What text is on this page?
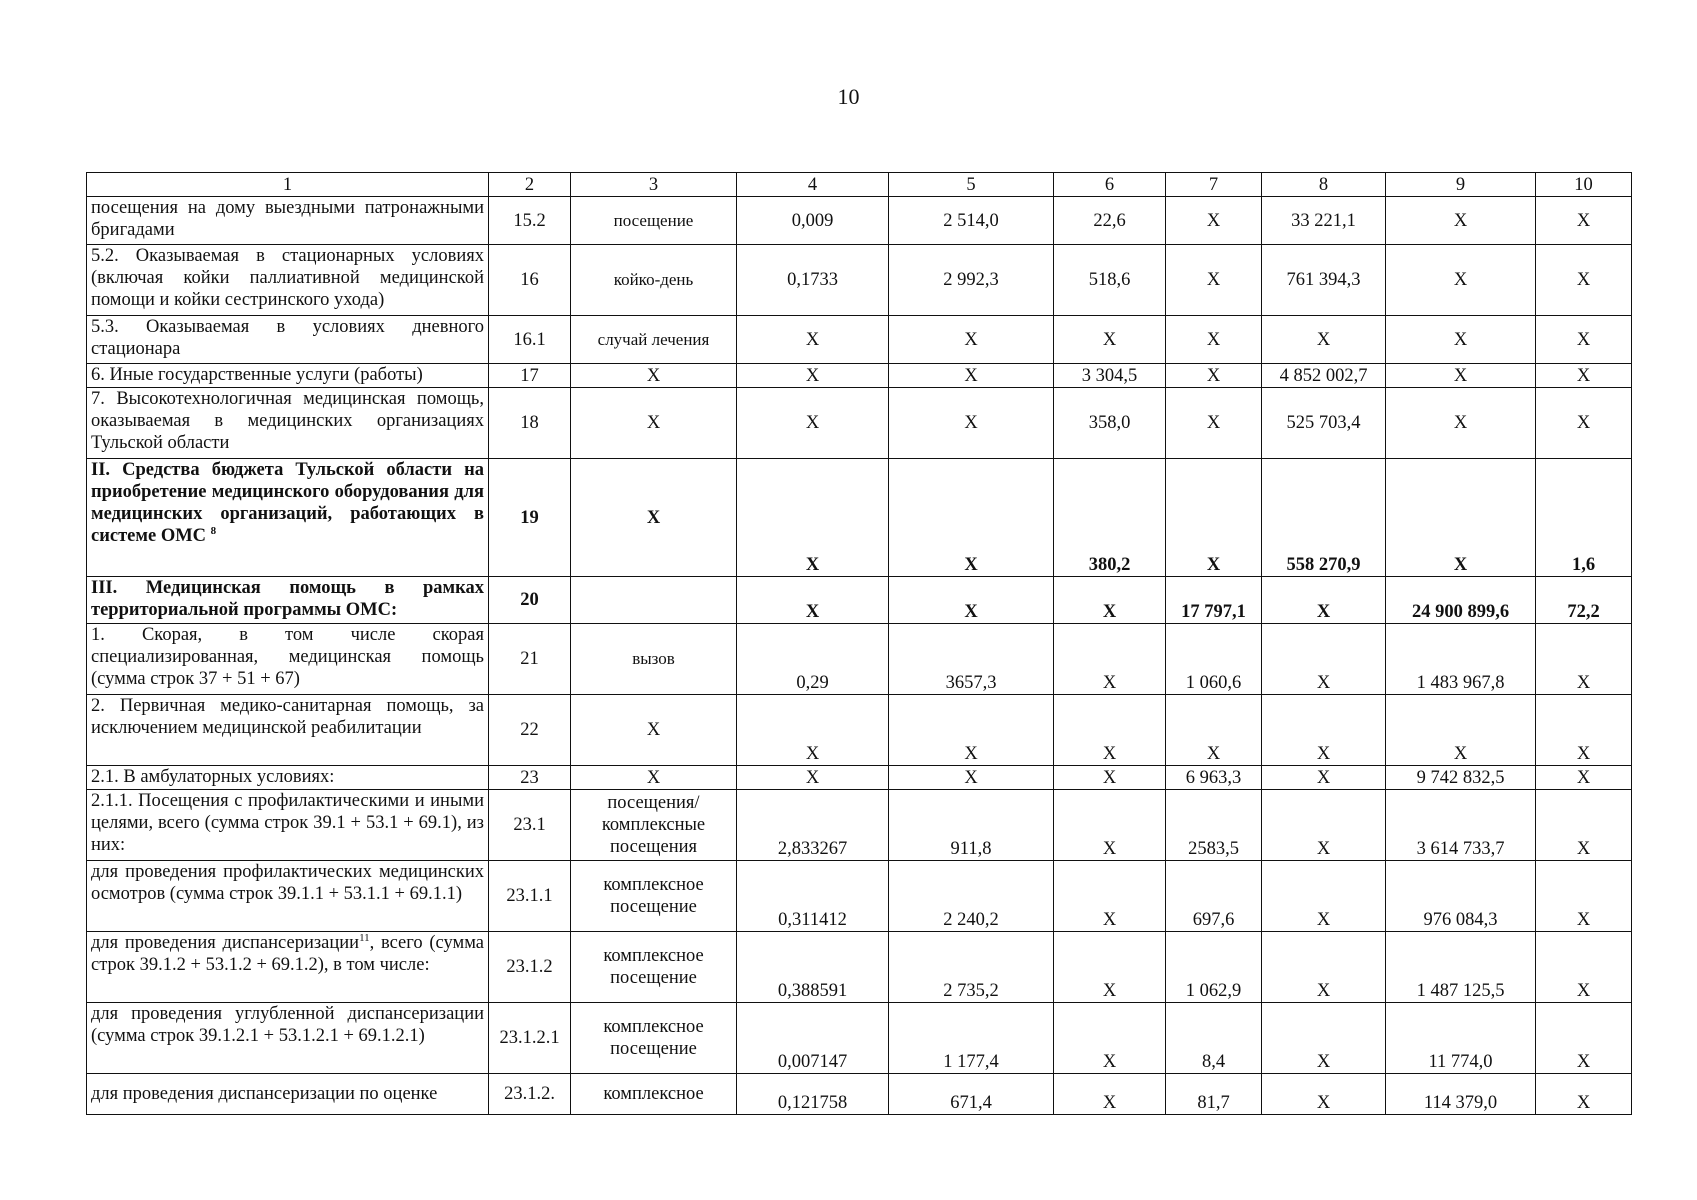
10
1	2	3	4	5	6	7	8	9	10
посещения на дому выездными патронажными бригадами	15.2	посещение	0,009	2 514,0	22,6	X	33 221,1	X	X
5.2. Оказываемая в стационарных условиях (включая койки паллиативной медицинской помощи и койки сестринского ухода)	16	койко-день	0,1733	2 992,3	518,6	X	761 394,3	X	X
5.3. Оказываемая в условиях дневного стационара	16.1	случай лечения	X	X	X	X	X	X	X
6. Иные государственные услуги (работы)	17	X	X	X	3 304,5	X	4 852 002,7	X	X
7. Высокотехнологичная медицинская помощь, оказываемая в медицинских организациях Тульской области	18	X	X	X	358,0	X	525 703,4	X	X
II. Средства бюджета Тульской области на приобретение медицинского оборудования для медицинских организаций, работающих в системе ОМС $^8$	19	X	X	X	380,2	X	558 270,9	X	1,6
III. Медицинская помощь в рамках территориальной программы ОМС:	20		X	X	X	17 797,1	X	24 900 899,6	72,2
1. Скорая, в том числе скорая специализированная, медицинская помощь (сумма строк 37 + 51 + 67)	21	вызов	0,29	3657,3	X	1 060,6	X	1 483 967,8	X
2. Первичная медико-санитарная помощь, за исключением медицинской реабилитации	22	X	X	X	X	X	X	X	X
2.1. В амбулаторных условиях:	23	X	X	X	X	6 963,3	X	9 742 832,5	X
2.1.1. Посещения с профилактическими и иными целями, всего (сумма строк 39.1 + 53.1 + 69.1), из них:	23.1	посещения/ комплексные посещения	2,833267	911,8	X	2583,5	X	3 614 733,7	X
для проведения профилактических медицинских осмотров (сумма строк 39.1.1 + 53.1.1 + 69.1.1)	23.1.1	комплексное посещение	0,311412	2 240,2	X	697,6	X	976 084,3	X
для проведения диспансеризации$^{11}$, всего (сумма строк 39.1.2 + 53.1.2 + 69.1.2), в том числе:	23.1.2	комплексное посещение	0,388591	2 735,2	X	1 062,9	X	1 487 125,5	X
для проведения углубленной диспансеризации (сумма строк 39.1.2.1 + 53.1.2.1 + 69.1.2.1)	23.1.2.1	комплексное посещение	0,007147	1 177,4	X	8,4	X	11 774,0	X
для проведения диспансеризации по оценке	23.1.2.	комплексное	0,121758	671,4	X	81,7	X	114 379,0	X
